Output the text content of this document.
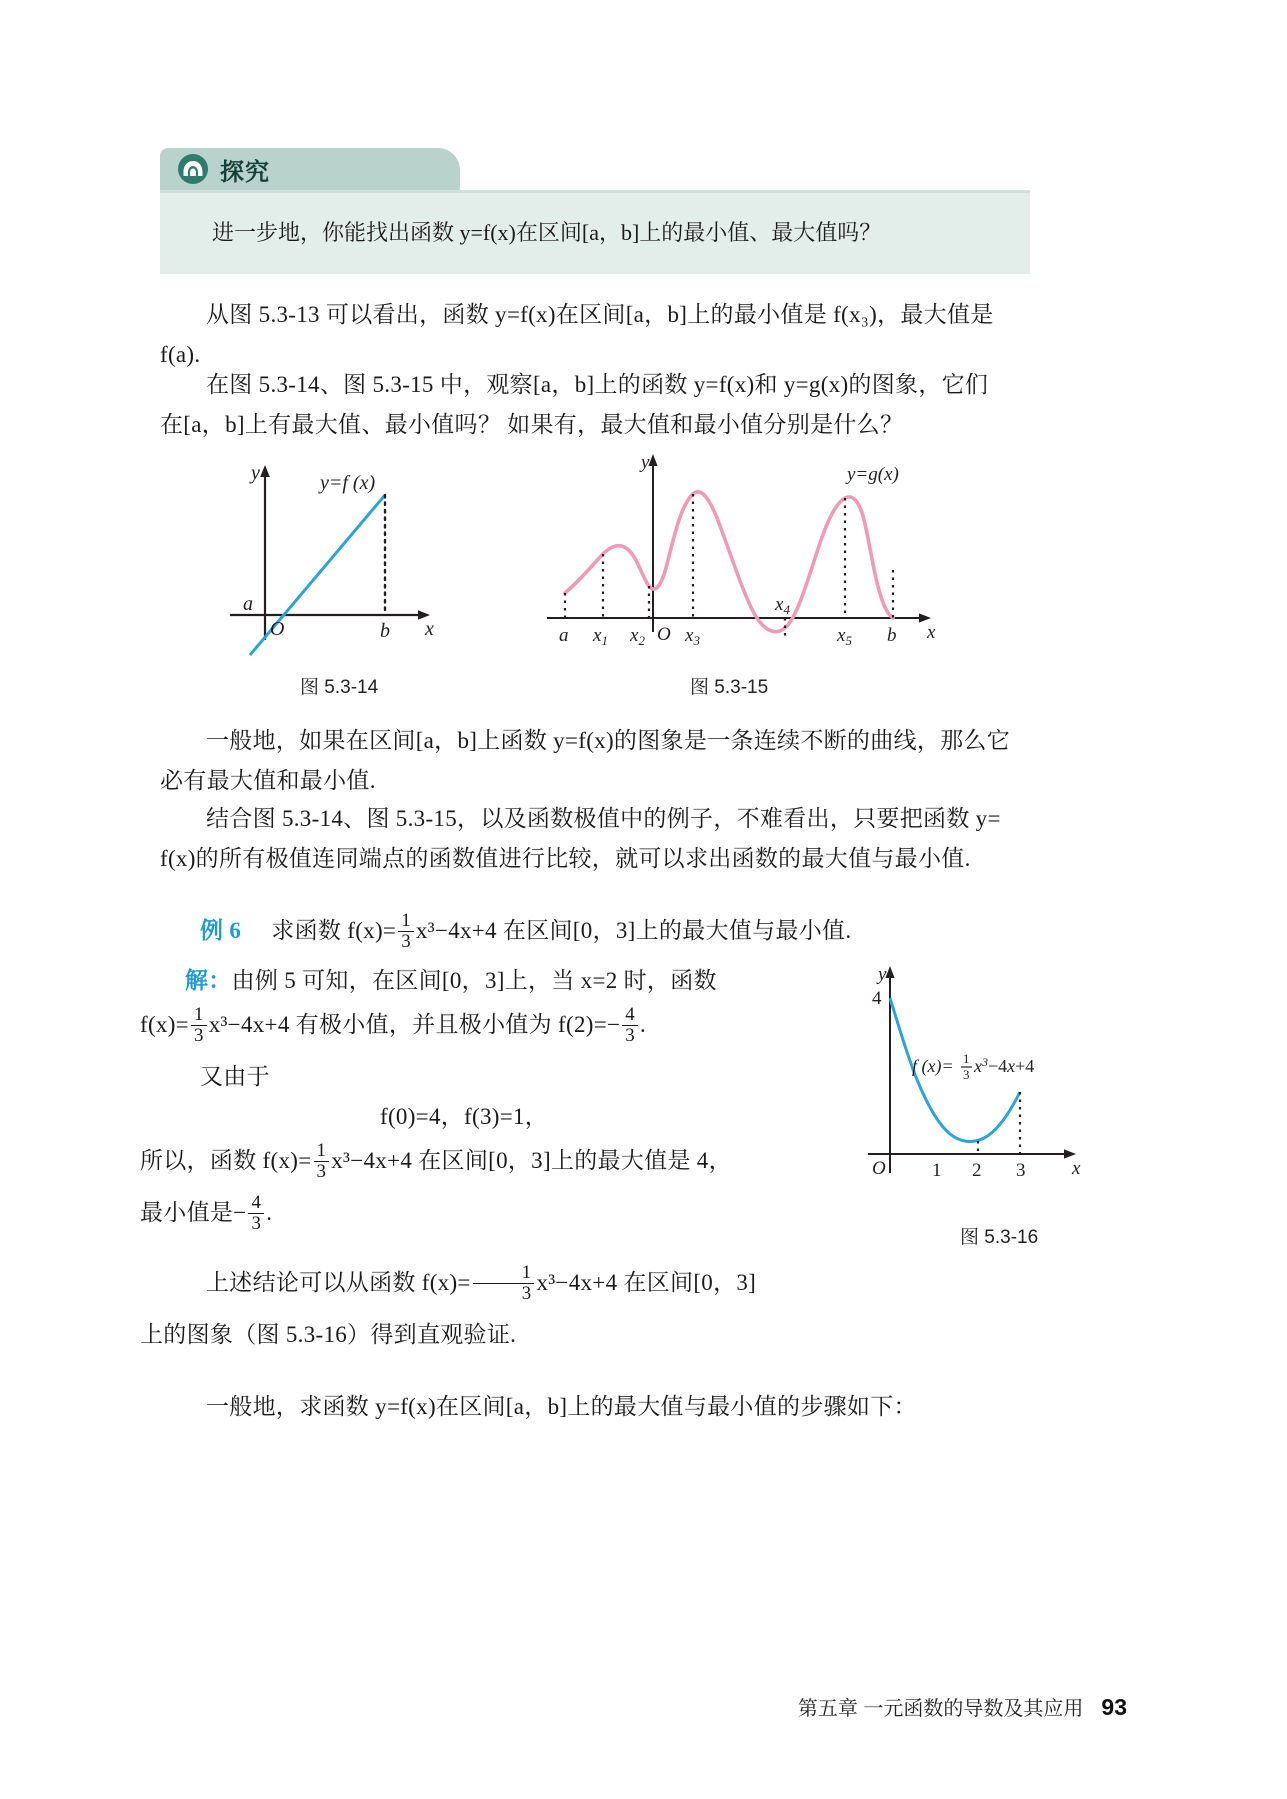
探究
进一步地，你能找出函数 y=f(x)在区间[a，b]上的最小值、最大值吗？
从图 5.3-13 可以看出，函数 y=f(x)在区间[a，b]上的最小值是 f(x₃)，最大值是
f(a).
在图 5.3-14、图 5.3-15 中，观察[a，b]上的函数 y=f(x)和 y=g(x)的图象，它们
在[a，b]上有最大值、最小值吗？ 如果有，最大值和最小值分别是什么？
y
x
O
a
b
y=f (x)
图 5.3-14
y
x
O
a $x_1$ $x_2$ $x_3$
$x_4$
$x_5$ b
y=g(x)
图 5.3-15
一般地，如果在区间[a，b]上函数 y=f(x)的图象是一条连续不断的曲线，那么它
必有最大值和最小值.
结合图 5.3-14、图 5.3-15，以及函数极值中的例子，不难看出，只要把函数 y=
f(x)的所有极值连同端点的函数值进行比较，就可以求出函数的最大值与最小值.
例 6 求函数 $f(x)= \frac{1}{3} x^3-4x+4$ 在区间[0，3]上的最大值与最小值.
解：由例 5 可知，在区间[0，3]上，当 x=2 时，函数
$f(x)= \frac{1}{3} x^3-4x+4$ 有极小值，并且极小值为 $f(2)=- \frac{4}{3}$ .
又由于
f(0)=4，f(3)=1，
所以，函数 $f(x)= \frac{1}{3} x^3-4x+4$ 在区间[0，3]上的最大值是 4，
最小值是− $\frac{4}{3}$ .
y
x
O
4
1 2 3
f (x)= 1
3 $x^3-4x+4$
图 5.3-16
上述结论可以从函数 $f(x)= \frac{1}{3} x^3-4x+4$ 在区间[0，3]
上的图象（图 5.3-16）得到直观验证.
一般地，求函数 y=f(x)在区间[a，b]上的最大值与最小值的步骤如下：
第五章 一元函数的导数及其应用 93
